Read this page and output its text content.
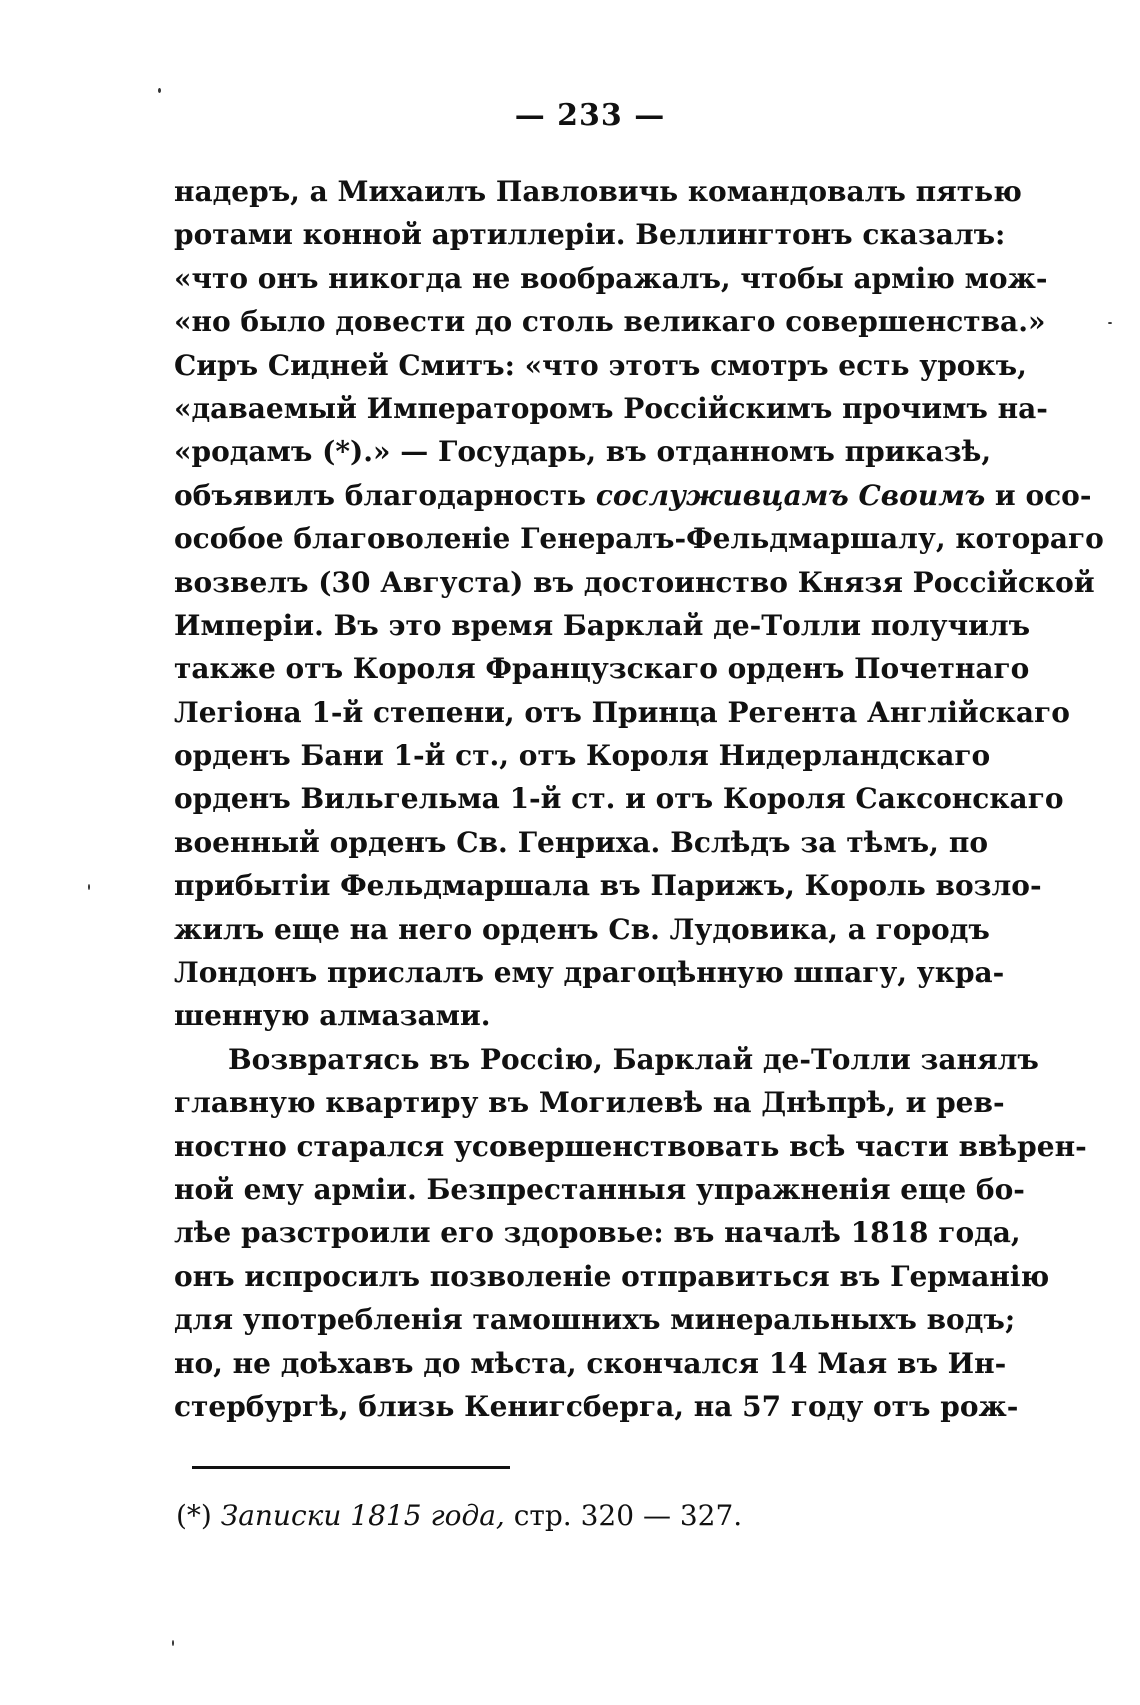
— 233 —
надеръ, а Михаилъ Павловичь командовалъ пятью
ротами конной артиллеріи. Веллингтонъ сказалъ:
«что онъ никогда не воображалъ, чтобы армію мож-
«но было довести до столь великаго совершенства.»
Сиръ Сидней Смитъ: «что этотъ смотръ есть урокъ,
«даваемый Императоромъ Россійскимъ прочимъ на-
«родамъ (*).» — Государь, въ отданномъ приказѣ,
объявилъ благодарность сослуживцамъ Своимъ и осо-
особое благоволеніе Генералъ-Фельдмаршалу, котораго
возвелъ (30 Августа) въ достоинство Князя Россійской
Имперіи. Въ это время Барклай де-Толли получилъ
также отъ Короля Французскаго орденъ Почетнаго
Легіона 1-й степени, отъ Принца Регента Англійскаго
орденъ Бани 1-й ст., отъ Короля Нидерландскаго
орденъ Вильгельма 1-й ст. и отъ Короля Саксонскаго
военный орденъ Св. Генриха. Вслѣдъ за тѣмъ, по
прибытіи Фельдмаршала въ Парижъ, Король возло-
жилъ еще на него орденъ Св. Лудовика, а городъ
Лондонъ прислалъ ему драгоцѣнную шпагу, укра-
шенную алмазами.
Возвратясь въ Россію, Барклай де-Толли занялъ
главную квартиру въ Могилевѣ на Днѣпрѣ, и рев-
ностно старался усовершенствовать всѣ части ввѣрен-
ной ему арміи. Безпрестанныя упражненія еще бо-
лѣе разстроили его здоровье: въ началѣ 1818 года,
онъ испросилъ позволеніе отправиться въ Германію
для употребленія тамошнихъ минеральныхъ водъ;
но, не доѣхавъ до мѣста, скончался 14 Мая въ Ин-
стербургѣ, близь Кенигсберга, на 57 году отъ рож-
(*) Записки 1815 года, стр. 320 — 327.
